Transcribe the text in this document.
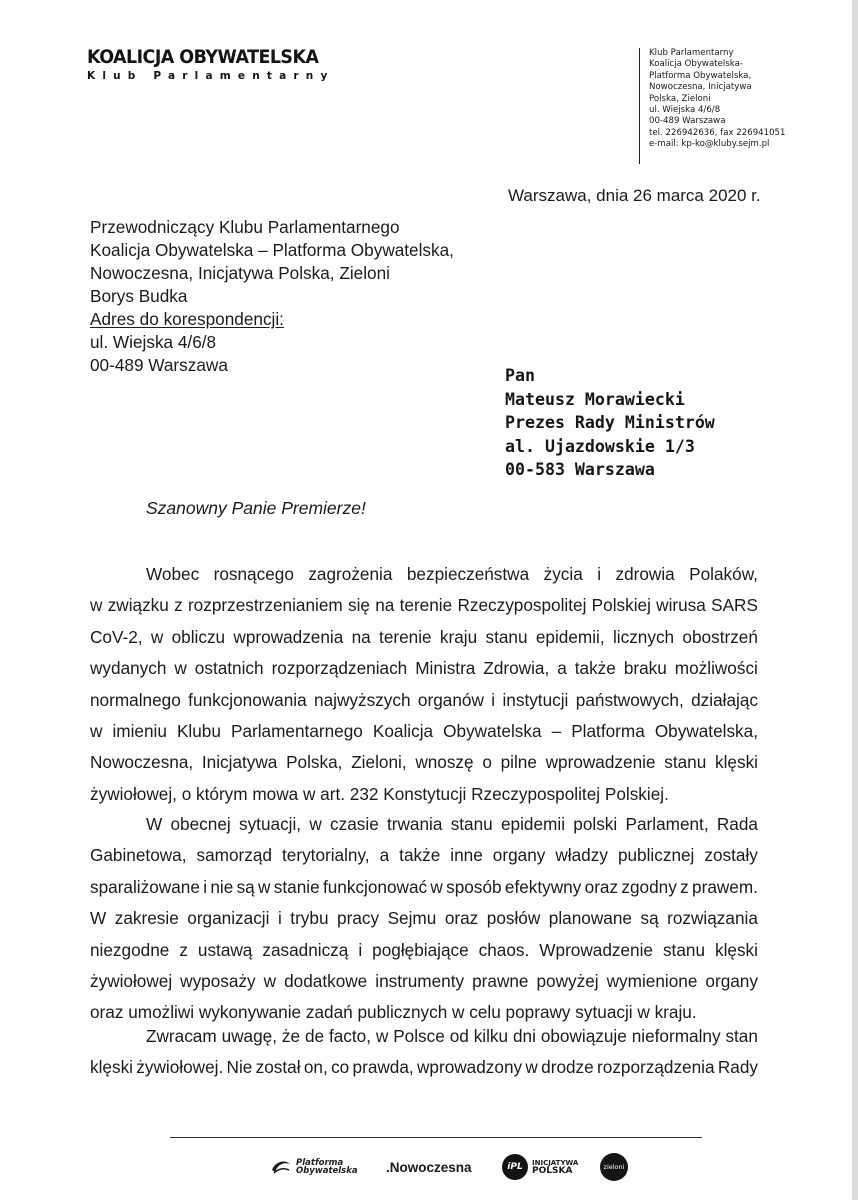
KOALICJA OBYWATELSKA
Klub Parlamentarny
Klub Parlamentarny
Koalicja Obywatelska-
Platforma Obywatelska,
Nowoczesna, Inicjatywa
Polska, Zieloni
ul. Wiejska 4/6/8
00-489 Warszawa
tel. 226942636, fax 226941051
e-mail: kp-ko@kluby.sejm.pl
Warszawa, dnia 26 marca 2020 r.
Przewodniczący Klubu Parlamentarnego
Koalicja Obywatelska – Platforma Obywatelska,
Nowoczesna, Inicjatywa Polska, Zieloni
Borys Budka
Adres do korespondencji:
ul. Wiejska 4/6/8
00-489 Warszawa
Pan
Mateusz Morawiecki
Prezes Rady Ministrów
al. Ujazdowskie 1/3
00-583 Warszawa
Szanowny Panie Premierze!
Wobec rosnącego zagrożenia bezpieczeństwa życia i zdrowia Polaków,
w związku z rozprzestrzenianiem się na terenie Rzeczypospolitej Polskiej wirusa SARS
CoV-2, w obliczu wprowadzenia na terenie kraju stanu epidemii, licznych obostrzeń
wydanych w ostatnich rozporządzeniach Ministra Zdrowia, a także braku możliwości
normalnego funkcjonowania najwyższych organów i instytucji państwowych, działając
w imieniu Klubu Parlamentarnego Koalicja Obywatelska – Platforma Obywatelska,
Nowoczesna, Inicjatywa Polska, Zieloni, wnoszę o pilne wprowadzenie stanu klęski
żywiołowej, o którym mowa w art. 232 Konstytucji Rzeczypospolitej Polskiej.
W obecnej sytuacji, w czasie trwania stanu epidemii polski Parlament, Rada
Gabinetowa, samorząd terytorialny, a także inne organy władzy publicznej zostały
sparaliżowane i nie są w stanie funkcjonować w sposób efektywny oraz zgodny z prawem.
W zakresie organizacji i trybu pracy Sejmu oraz posłów planowane są rozwiązania
niezgodne z ustawą zasadniczą i pogłębiające chaos. Wprowadzenie stanu klęski
żywiołowej wyposaży w dodatkowe instrumenty prawne powyżej wymienione organy
oraz umożliwi wykonywanie zadań publicznych w celu poprawy sytuacji w kraju.
Zwracam uwagę, że de facto, w Polsce od kilku dni obowiązuje nieformalny stan
klęski żywiołowej. Nie został on, co prawda, wprowadzony w drodze rozporządzenia Rady
Platforma
Obywatelska .Nowoczesna	iPL	INICJATYWA
POLSKA	zieloni
